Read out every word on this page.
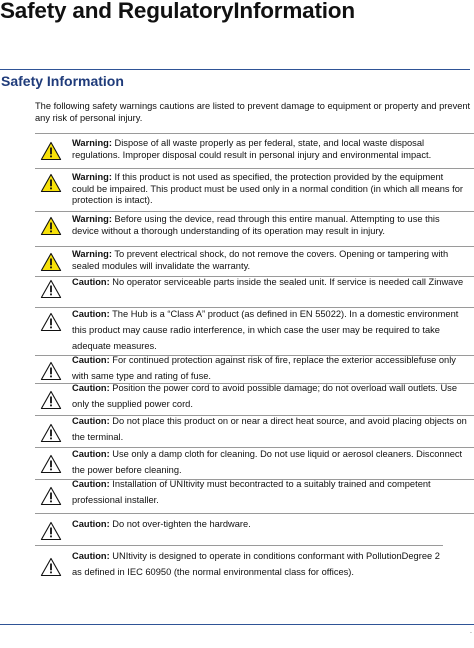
Safety and RegulatoryInformation
Safety Information

The following safety warnings cautions are listed to prevent damage to equipment or property and prevent any risk of personal injury.

Warning: Dispose of all waste properly as per federal, state, and local waste disposal regulations. Improper disposal could result in personal injury and environmental impact.

Warning: If this product is not used as specified, the protection provided by the equipment could be impaired. This product must be used only in a normal condition (in which all means for protection is intact).

Warning: Before using the device, read through this entire manual. Attempting to use this device without a thorough understanding of its operation may result in injury.

Warning: To prevent electrical shock, do not remove the covers. Opening or tampering with sealed modules will invalidate the warranty.

Caution: No operator serviceable parts inside the sealed unit. If service is needed call Zinwave

Caution: The Hub is a “Class A” product (as defined in EN 55022). In a domestic environment this product may cause radio interference, in which case the user may be required to take adequate measures.

Caution: For continued protection against risk of fire, replace the exterior accessiblefuse only with same type and rating of fuse.

Caution: Position the power cord to avoid possible damage; do not overload wall outlets. Use only the supplied power cord.

Caution: Do not place this product on or near a direct heat source, and avoid placing objects on the terminal.

Caution: Use only a damp cloth for cleaning. Do not use liquid or aerosol cleaners. Disconnect the power before cleaning.

Caution: Installation of UNItivity must becontracted to a suitably trained and competent professional installer.

Caution: Do not over-tighten the hardware.

Caution: UNItivity is designed to operate in conditions conformant with PollutionDegree 2 as defined in IEC 60950 (the normal environmental class for offices).

.
